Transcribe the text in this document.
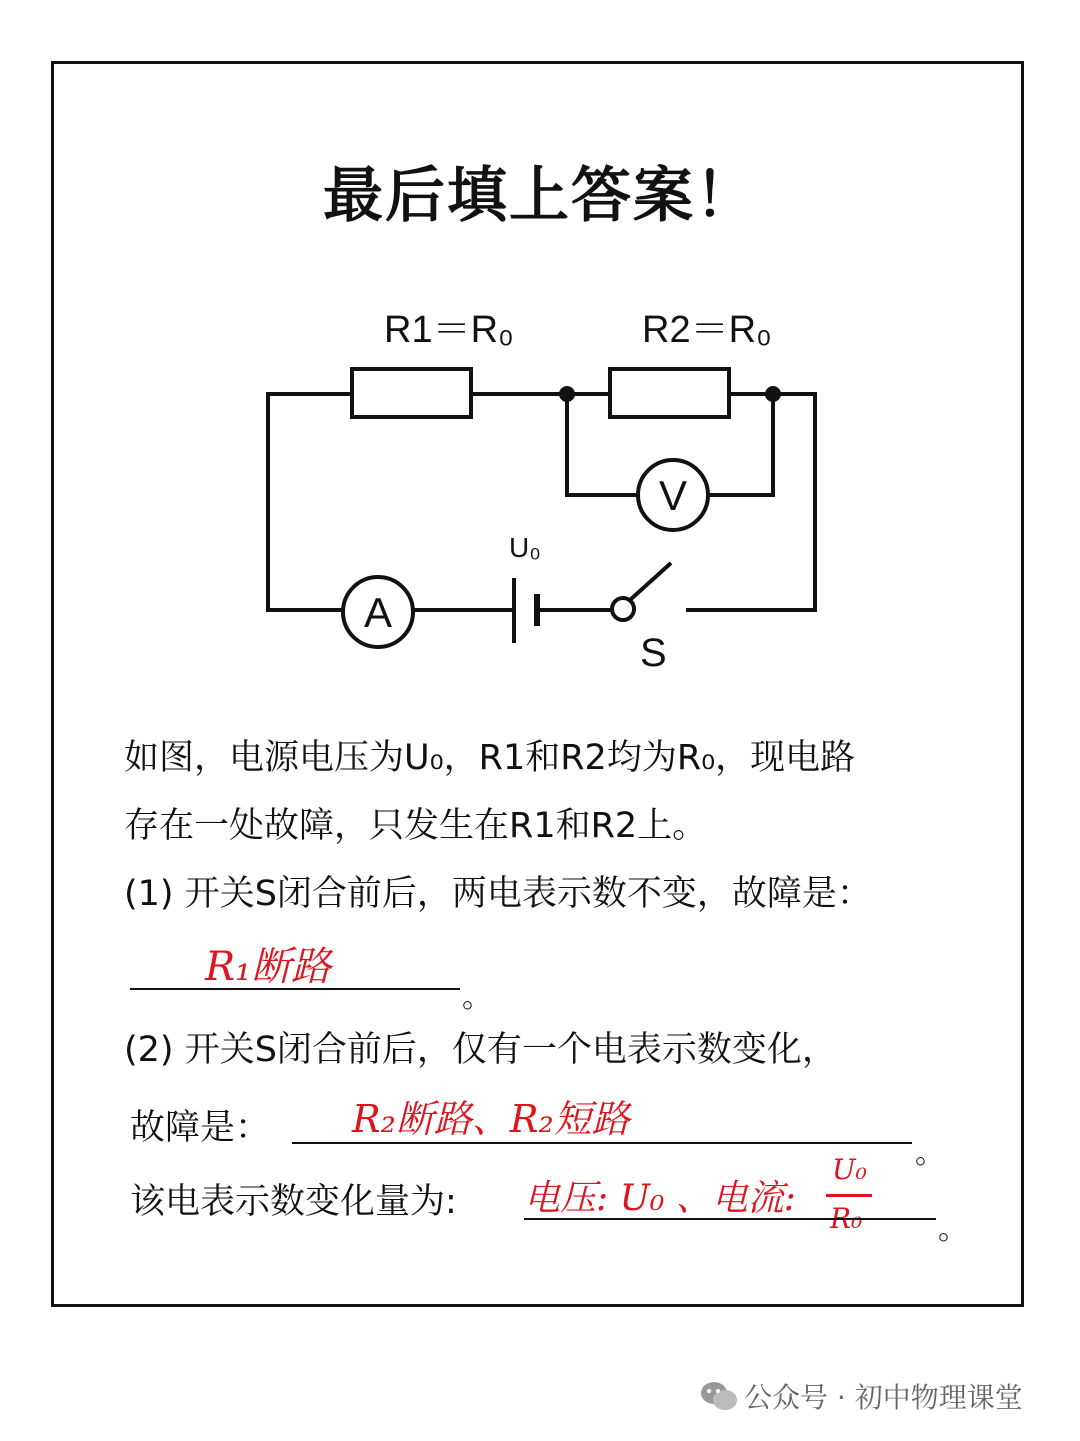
最后填上答案！
R1＝R₀	R2＝R₀
V
A
U₀
S
如图，电源电压为U₀，R1和R2均为R₀，现电路
存在一处故障，只发生在R1和R2上。
(1) 开关S闭合前后，两电表示数不变，故障是：
R₁断路
。
(2) 开关S闭合前后，仅有一个电表示数变化，
故障是： R₂断路、R₂短路
。
该电表示数变化量为: 电压: U₀ 、电流:
U₀
R₀	。
公众号 · 初中物理课堂
